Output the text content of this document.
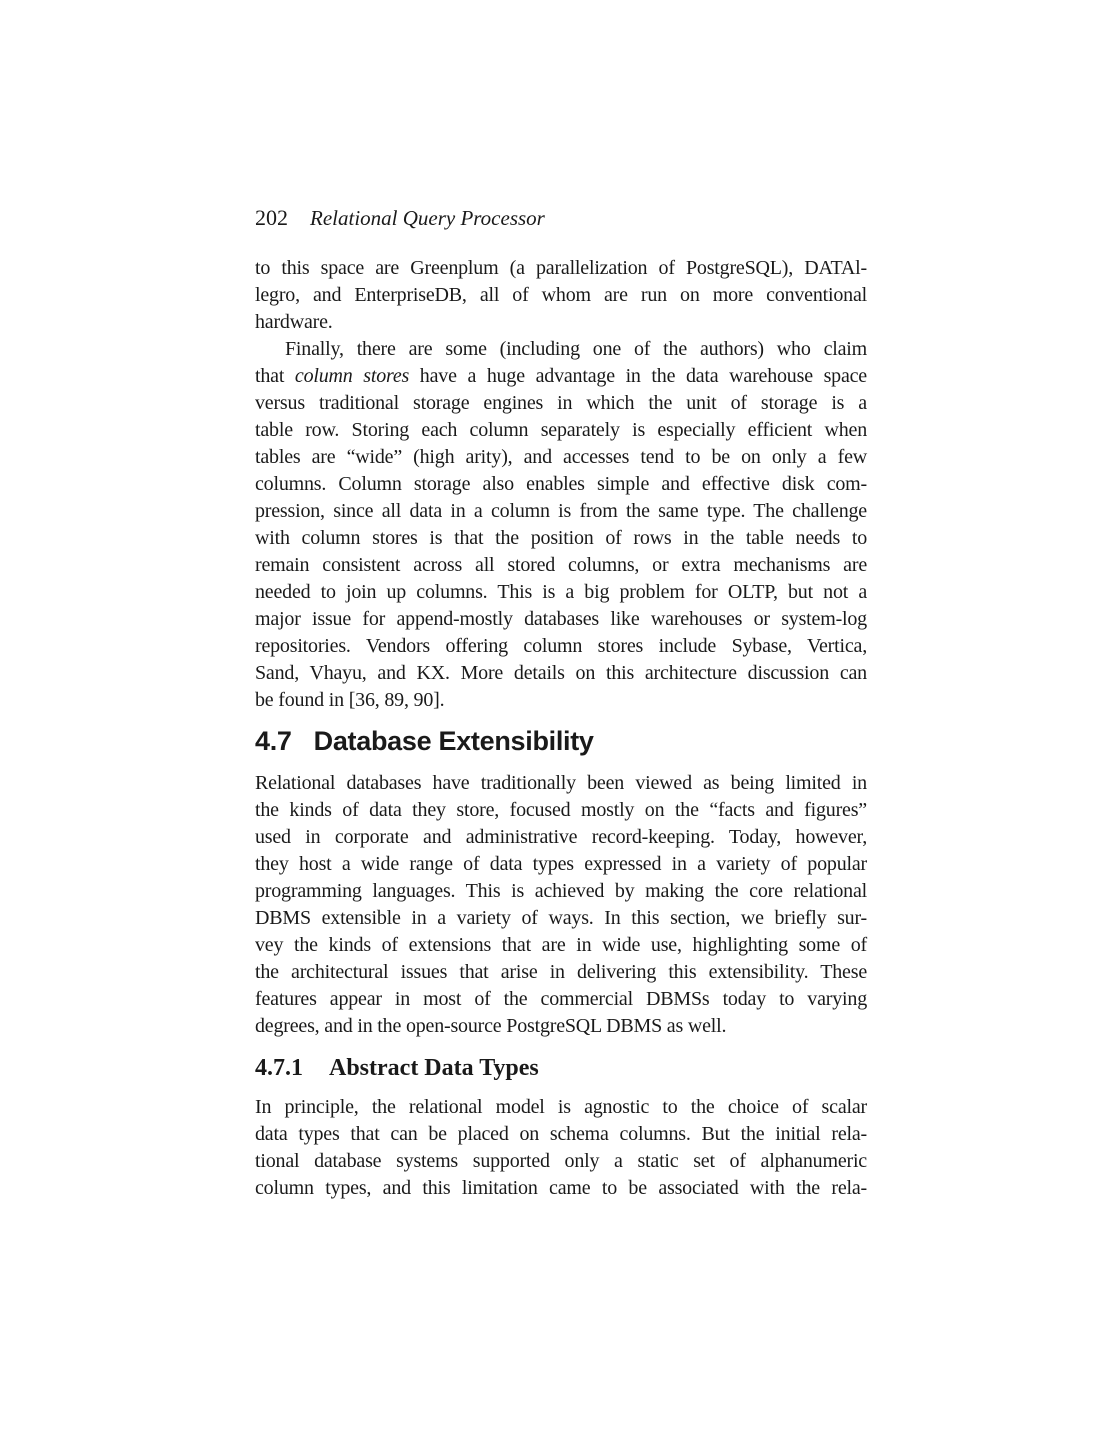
202 Relational Query Processor
to this space are Greenplum (a parallelization of PostgreSQL), DATAl-
legro, and EnterpriseDB, all of whom are run on more conventional
hardware.
Finally, there are some (including one of the authors) who claim
that column stores have a huge advantage in the data warehouse space
versus traditional storage engines in which the unit of storage is a
table row. Storing each column separately is especially efficient when
tables are “wide” (high arity), and accesses tend to be on only a few
columns. Column storage also enables simple and effective disk com-
pression, since all data in a column is from the same type. The challenge
with column stores is that the position of rows in the table needs to
remain consistent across all stored columns, or extra mechanisms are
needed to join up columns. This is a big problem for OLTP, but not a
major issue for append-mostly databases like warehouses or system-log
repositories. Vendors offering column stores include Sybase, Vertica,
Sand, Vhayu, and KX. More details on this architecture discussion can
be found in [36, 89, 90].
4.7 Database Extensibility
Relational databases have traditionally been viewed as being limited in
the kinds of data they store, focused mostly on the “facts and figures”
used in corporate and administrative record-keeping. Today, however,
they host a wide range of data types expressed in a variety of popular
programming languages. This is achieved by making the core relational
DBMS extensible in a variety of ways. In this section, we briefly sur-
vey the kinds of extensions that are in wide use, highlighting some of
the architectural issues that arise in delivering this extensibility. These
features appear in most of the commercial DBMSs today to varying
degrees, and in the open-source PostgreSQL DBMS as well.
4.7.1 Abstract Data Types
In principle, the relational model is agnostic to the choice of scalar
data types that can be placed on schema columns. But the initial rela-
tional database systems supported only a static set of alphanumeric
column types, and this limitation came to be associated with the rela-
